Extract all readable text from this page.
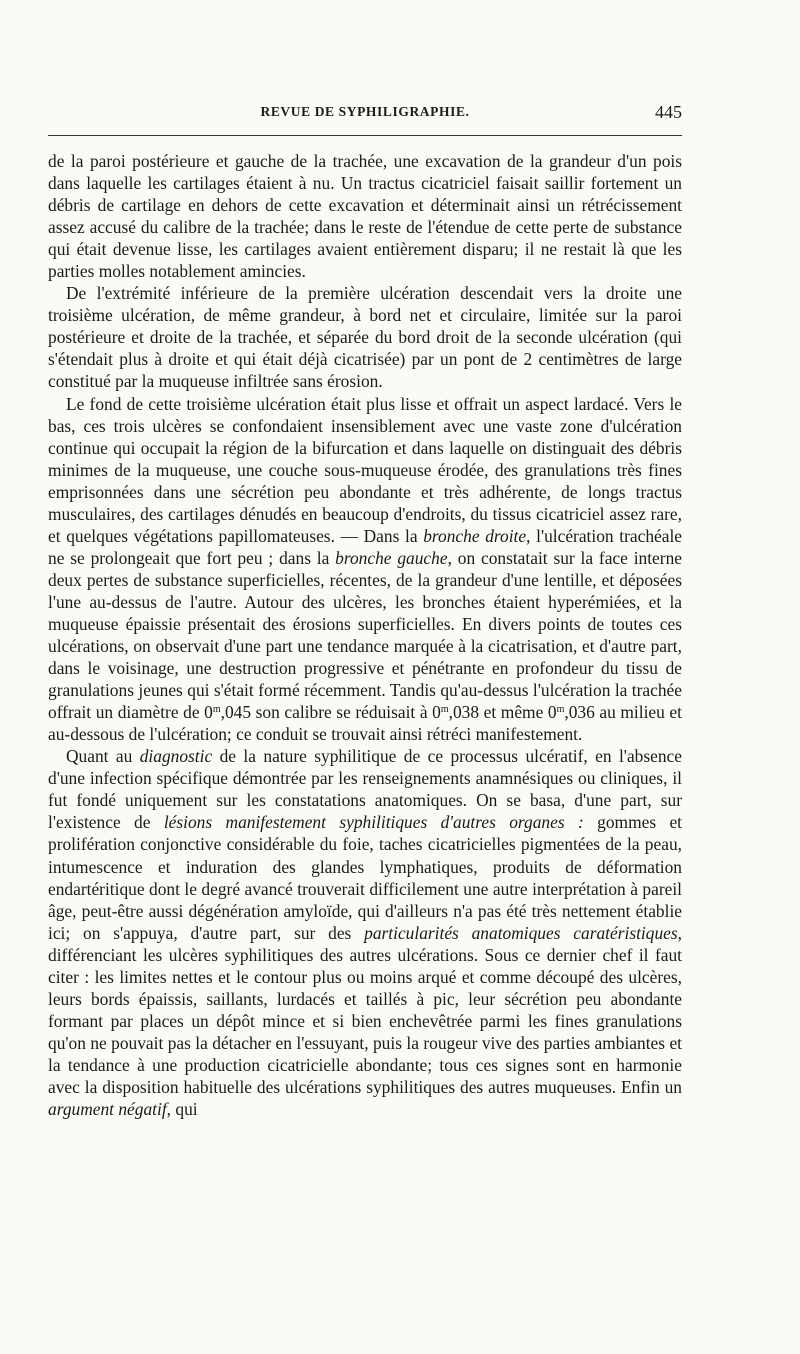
REVUE DE SYPHILIGRAPHIE.	445

de la paroi postérieure et gauche de la trachée, une excavation de la grandeur d'un pois dans laquelle les cartilages étaient à nu. Un tractus cicatriciel faisait saillir fortement un débris de cartilage en dehors de cette excavation et déterminait ainsi un rétrécissement assez accusé du calibre de la trachée; dans le reste de l'étendue de cette perte de substance qui était devenue lisse, les cartilages avaient entièrement disparu; il ne restait là que les parties molles notablement amincies.

De l'extrémité inférieure de la première ulcération descendait vers la droite une troisième ulcération, de même grandeur, à bord net et circulaire, limitée sur la paroi postérieure et droite de la trachée, et séparée du bord droit de la seconde ulcération (qui s'étendait plus à droite et qui était déjà cicatrisée) par un pont de 2 centimètres de large constitué par la muqueuse infiltrée sans érosion.

Le fond de cette troisième ulcération était plus lisse et offrait un aspect lardacé. Vers le bas, ces trois ulcères se confondaient insensiblement avec une vaste zone d'ulcération continue qui occupait la région de la bifurcation et dans laquelle on distinguait des débris minimes de la muqueuse, une couche sous-muqueuse érodée, des granulations très fines emprisonnées dans une sécrétion peu abondante et très adhérente, de longs tractus musculaires, des cartilages dénudés en beaucoup d'endroits, du tissus cicatriciel assez rare, et quelques végétations papillomateuses. — Dans la bronche droite, l'ulcération trachéale ne se prolongeait que fort peu ; dans la bronche gauche, on constatait sur la face interne deux pertes de substance superficielles, récentes, de la grandeur d'une lentille, et déposées l'une au-dessus de l'autre. Autour des ulcères, les bronches étaient hyperémiées, et la muqueuse épaissie présentait des érosions superficielles. En divers points de toutes ces ulcérations, on observait d'une part une tendance marquée à la cicatrisation, et d'autre part, dans le voisinage, une destruction progressive et pénétrante en profondeur du tissu de granulations jeunes qui s'était formé récemment. Tandis qu'au-dessus l'ulcération la trachée offrait un diamètre de 0$^m$,045 son calibre se réduisait à 0$^m$,038 et même 0$^m$,036 au milieu et au-dessous de l'ulcération; ce conduit se trouvait ainsi rétréci manifestement.

Quant au diagnostic de la nature syphilitique de ce processus ulcératif, en l'absence d'une infection spécifique démontrée par les renseignements anamnésiques ou cliniques, il fut fondé uniquement sur les constatations anatomiques. On se basa, d'une part, sur l'existence de lésions manifestement syphilitiques d'autres organes : gommes et prolifération conjonctive considérable du foie, taches cicatricielles pigmentées de la peau, intumescence et induration des glandes lymphatiques, produits de déformation endartéritique dont le degré avancé trouverait difficilement une autre interprétation à pareil âge, peut-être aussi dégénération amyloïde, qui d'ailleurs n'a pas été très nettement établie ici; on s'appuya, d'autre part, sur des particularités anatomiques caratéristiques, différenciant les ulcères syphilitiques des autres ulcérations. Sous ce dernier chef il faut citer : les limites nettes et le contour plus ou moins arqué et comme découpé des ulcères, leurs bords épaissis, saillants, lurdacés et taillés à pic, leur sécrétion peu abondante formant par places un dépôt mince et si bien enchevêtrée parmi les fines granulations qu'on ne pouvait pas la détacher en l'essuyant, puis la rougeur vive des parties ambiantes et la tendance à une production cicatricielle abondante; tous ces signes sont en harmonie avec la disposition habituelle des ulcérations syphilitiques des autres muqueuses. Enfin un argument négatif, qui
